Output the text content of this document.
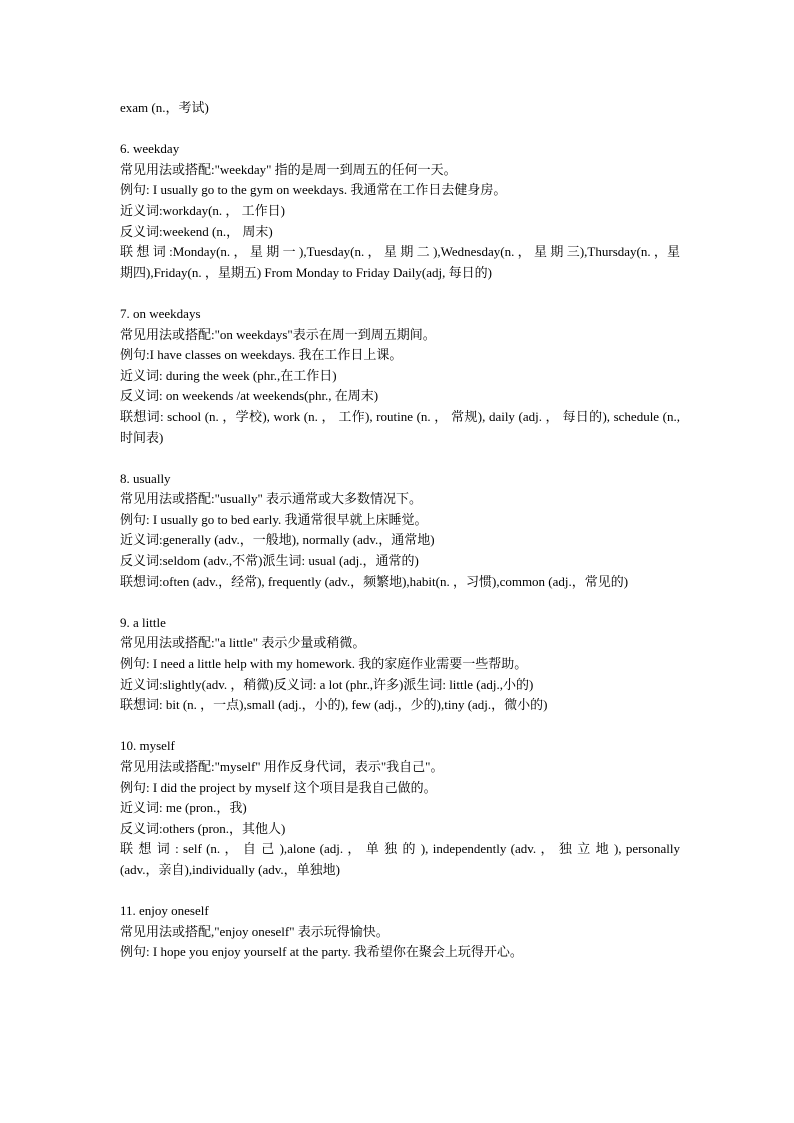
exam (n.，考试)
6. weekday
常见用法或搭配:"weekday" 指的是周一到周五的任何一天。
例句: I usually go to the gym on weekdays. 我通常在工作日去健身房。
近义词:workday(n. ， 工作日)
反义词:weekend (n.， 周末)
联 想 词 :Monday(n. ， 星 期 一 ),Tuesday(n. ， 星 期 二 ),Wednesday(n. ， 星 期 三),Thursday(n. ，星期四),Friday(n. ，星期五) From Monday to Friday Daily(adj, 每日的)
7. on weekdays
常见用法或搭配:"on weekdays"表示在周一到周五期间。
例句:I have classes on weekdays. 我在工作日上课。
近义词: during the week (phr.,在工作日)
反义词: on weekends /at weekends(phr., 在周末)
联想词: school (n. ，学校), work (n. ， 工作), routine (n. ， 常规), daily (adj. ， 每日的), schedule (n.,时间表)
8. usually
常见用法或搭配:"usually" 表示通常或大多数情况下。
例句: I usually go to bed early. 我通常很早就上床睡觉。
近义词:generally (adv.，一般地), normally (adv.，通常地)
反义词:seldom (adv.,不常)派生词: usual (adj.，通常的)
联想词:often (adv.，经常), frequently (adv.，频繁地),habit(n. ，习惯),common (adj.，常见的)
9. a little
常见用法或搭配:"a little" 表示少量或稍微。
例句: I need a little help with my homework. 我的家庭作业需要一些帮助。
近义词:slightly(adv. ，稍微)反义词: a lot (phr.,许多)派生词: little (adj.,小的)
联想词: bit (n. ，一点),small (adj.，小的), few (adj.，少的),tiny (adj.，微小的)
10. myself
常见用法或搭配:"myself" 用作反身代词，表示"我自己"。
例句: I did the project by myself 这个项目是我自己做的。
近义词: me (pron.，我)
反义词:others (pron.，其他人)
联 想 词 : self (n. ， 自 己 ),alone (adj. ， 单 独 的 ), independently (adv. ， 独 立 地 ), personally (adv.，亲自),individually (adv.，单独地)
11. enjoy oneself
常见用法或搭配,"enjoy oneself" 表示玩得愉快。
例句: I hope you enjoy yourself at the party. 我希望你在聚会上玩得开心。
